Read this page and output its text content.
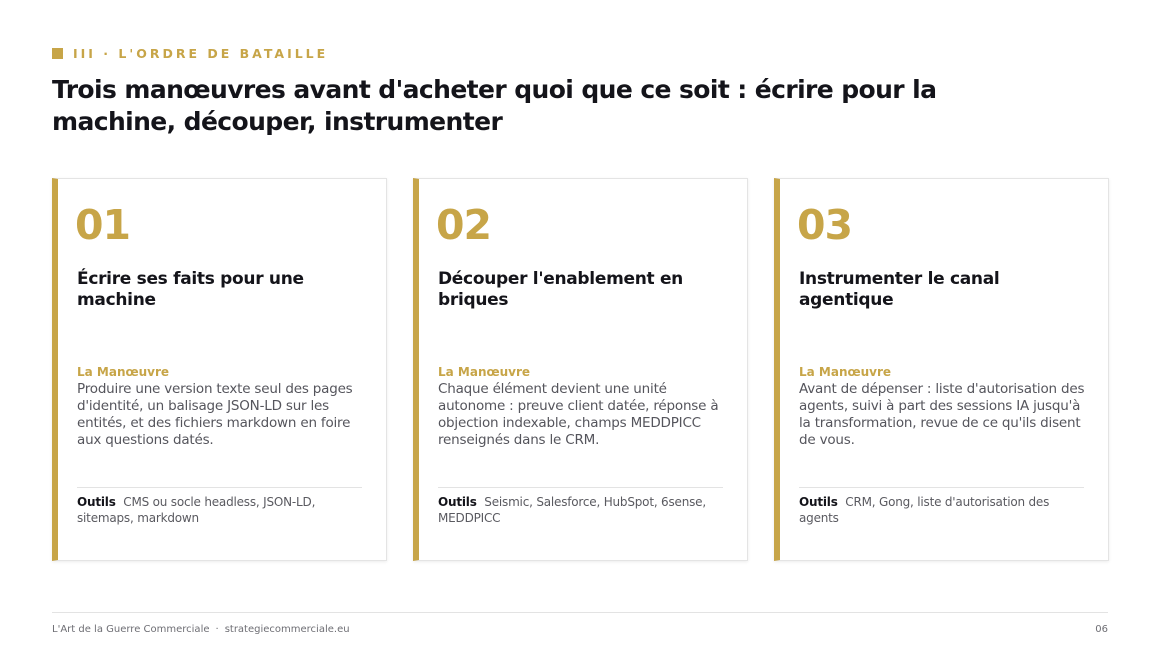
III · L'ORDRE DE BATAILLE
Trois manœuvres avant d'acheter quoi que ce soit : écrire pour la machine, découper, instrumenter
01
Écrire ses faits pour une machine
La Manœuvre

Produire une version texte seul des pages d'identité, un balisage JSON-LD sur les entités, et des fichiers markdown en foire aux questions datés.

Outils CMS ou socle headless, JSON-LD, sitemaps, markdown
02
Découper l'enablement en briques
La Manœuvre

Chaque élément devient une unité autonome : preuve client datée, réponse à objection indexable, champs MEDDPICC renseignés dans le CRM.

Outils Seismic, Salesforce, HubSpot, 6sense, MEDDPICC
03
Instrumenter le canal agentique
La Manœuvre

Avant de dépenser : liste d'autorisation des agents, suivi à part des sessions IA jusqu'à la transformation, revue de ce qu'ils disent de vous.

Outils CRM, Gong, liste d'autorisation des agents
L'Art de la Guerre Commerciale · strategiecommerciale.eu	06
